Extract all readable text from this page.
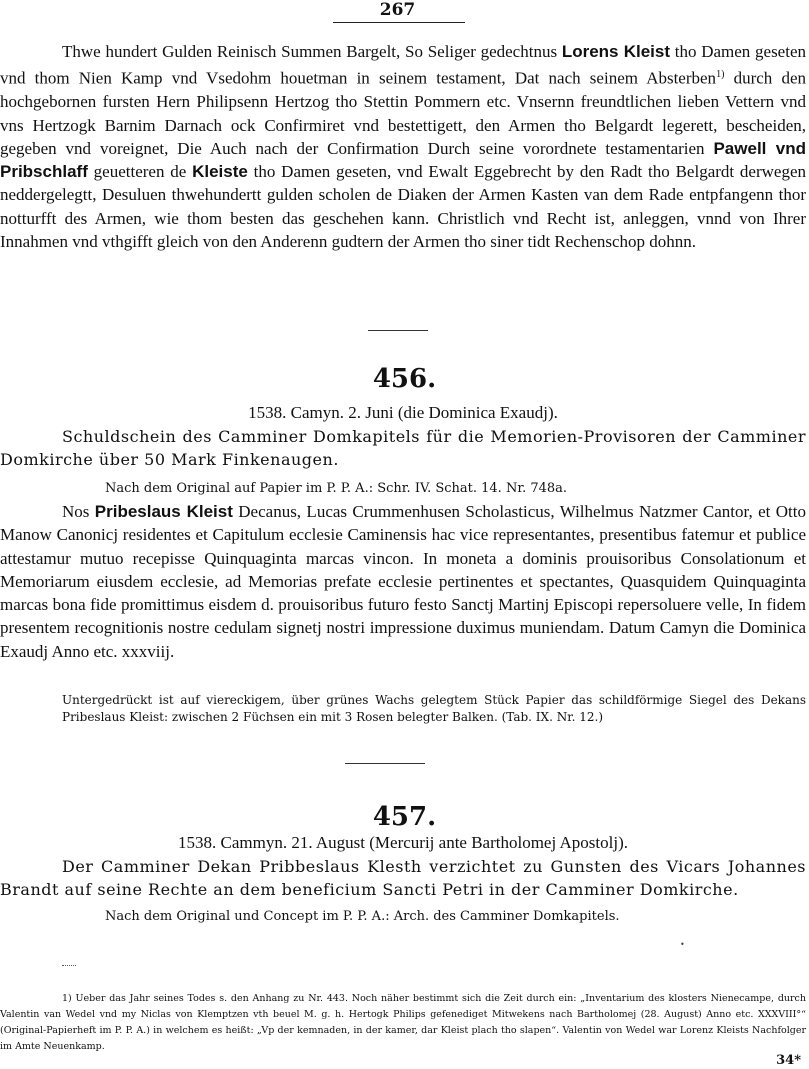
267
Thwe hundert Gulden Reinisch Summen Bargelt, So Seliger gedechtnus Lorens Kleist tho Damen geseten vnd thom Nien Kamp vnd Vsedohm houetman in seinem testament, Dat nach seinem Absterben$^{1)}$ durch den hochgebornen fursten Hern Philipsenn Hertzog tho Stettin Pommern etc. Vnsernn freundtlichen lieben Vettern vnd vns Hertzogk Barnim Darnach ock Confirmiret vnd bestettigett, den Armen tho Belgardt legerett, bescheiden, gegeben vnd voreignet, Die Auch nach der Confirmation Durch seine vorordnete testamentarien Pawell vnd Pribschlaff geuetteren de Kleiste tho Damen geseten, vnd Ewalt Eggebrecht by den Radt tho Belgardt derwegen neddergelegtt, Desuluen thwehundertt gulden scholen de Diaken der Armen Kasten van dem Rade entpfangenn thor notturfft des Armen, wie thom besten das geschehen kann. Christlich vnd Recht ist, anleggen, vnnd von Ihrer Innahmen vnd vthgifft gleich von den Anderenn gudtern der Armen tho siner tidt Rechenschop dohnn.
456.
1538. Camyn. 2. Juni (die Dominica Exaudj).
Schuldschein des Camminer Domkapitels für die Memorien-Provisoren der Camminer Domkirche über 50 Mark Finkenaugen.
Nach dem Original auf Papier im P. P. A.: Schr. IV. Schat. 14. Nr. 748a.
Nos Pribeslaus Kleist Decanus, Lucas Crummenhusen Scholasticus, Wilhelmus Natzmer Cantor, et Otto Manow Canonicj residentes et Capitulum ecclesie Caminensis hac vice representantes, presentibus fatemur et publice attestamur mutuo recepisse Quinquaginta marcas vincon. In moneta a dominis prouisoribus Consolationum et Memoriarum eiusdem ecclesie, ad Memorias prefate ecclesie pertinentes et spectantes, Quasquidem Quinquaginta marcas bona fide promittimus eisdem d. prouisoribus futuro festo Sanctj Martinj Episcopi repersoluere velle, In fidem presentem recognitionis nostre cedulam signetj nostri impressione duximus muniendam. Datum Camyn die Dominica Exaudj Anno etc. xxxviij.
Untergedrückt ist auf viereckigem, über grünes Wachs gelegtem Stück Papier das schildförmige Siegel des Dekans Pribeslaus Kleist: zwischen 2 Füchsen ein mit 3 Rosen belegter Balken. (Tab. IX. Nr. 12.)
457.
1538. Cammyn. 21. August (Mercurij ante Bartholomej Apostolj).
Der Camminer Dekan Pribbeslaus Klesth verzichtet zu Gunsten des Vicars Johannes Brandt auf seine Rechte an dem beneficium Sancti Petri in der Camminer Domkirche.
Nach dem Original und Concept im P. P. A.: Arch. des Camminer Domkapitels.
•
1) Ueber das Jahr seines Todes s. den Anhang zu Nr. 443. Noch näher bestimmt sich die Zeit durch ein: „Inventarium des klosters Nienecampe, durch Valentin van Wedel vnd my Niclas von Klemptzen vth beuel M. g. h. Hertogk Philips gefenediget Mitwekens nach Bartholomej (28. August) Anno etc. XXXVIII°“ (Original-Papierheft im P. P. A.) in welchem es heißt: „Vp der kemnaden, in der kamer, dar Kleist plach tho slapen“. Valentin von Wedel war Lorenz Kleists Nachfolger im Amte Neuenkamp.
34*
